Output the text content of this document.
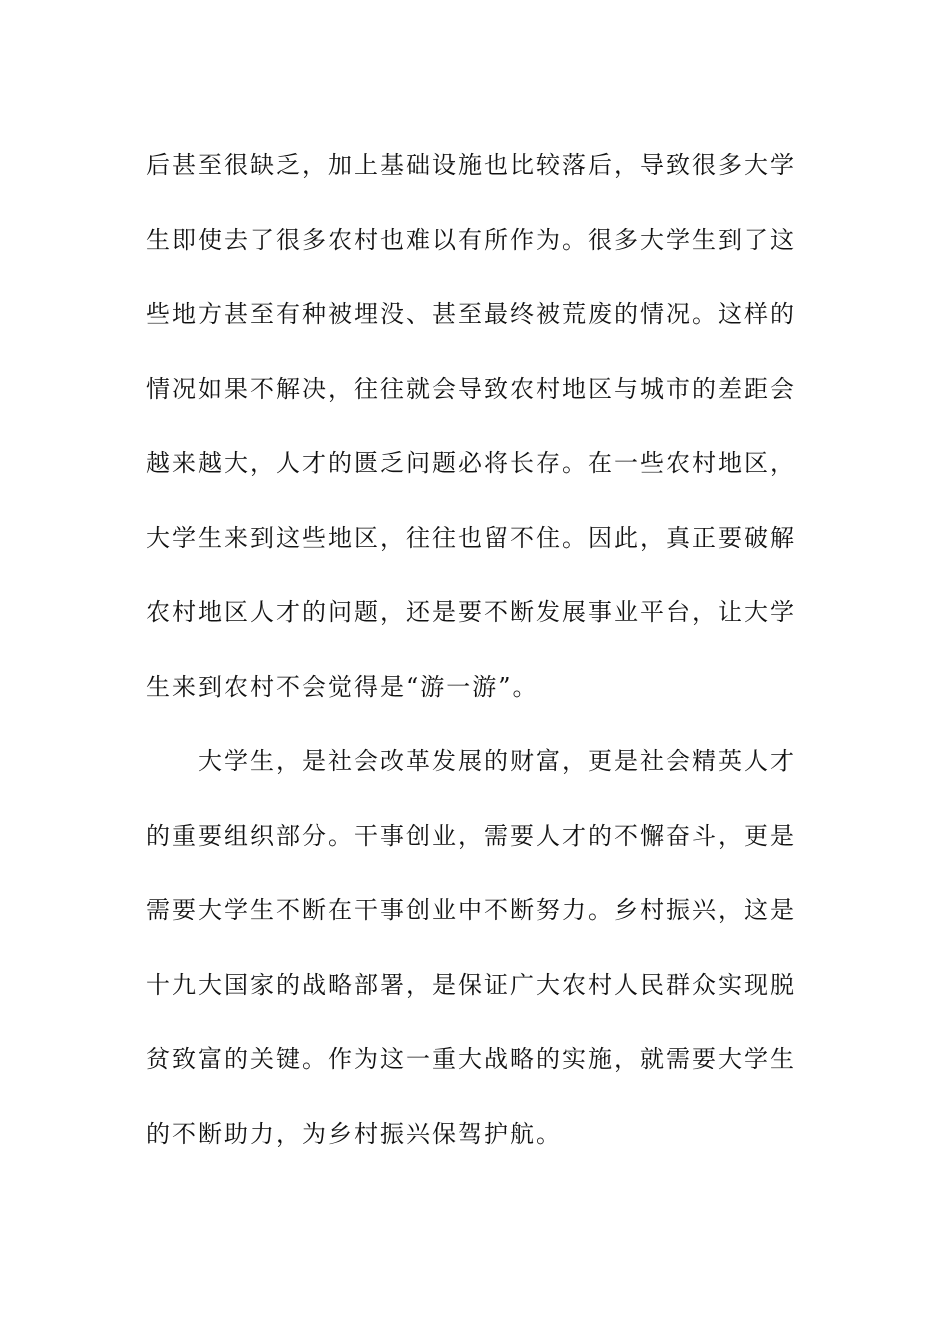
后甚至很缺乏，加上基础设施也比较落后，导致很多大学
生即使去了很多农村也难以有所作为。很多大学生到了这
些地方甚至有种被埋没、甚至最终被荒废的情况。这样的
情况如果不解决，往往就会导致农村地区与城市的差距会
越来越大，人才的匮乏问题必将长存。在一些农村地区，
大学生来到这些地区，往往也留不住。因此，真正要破解
农村地区人才的问题，还是要不断发展事业平台，让大学
生来到农村不会觉得是“游一游”。
大学生，是社会改革发展的财富，更是社会精英人才
的重要组织部分。干事创业，需要人才的不懈奋斗，更是
需要大学生不断在干事创业中不断努力。乡村振兴，这是
十九大国家的战略部署，是保证广大农村人民群众实现脱
贫致富的关键。作为这一重大战略的实施，就需要大学生
的不断助力，为乡村振兴保驾护航。
